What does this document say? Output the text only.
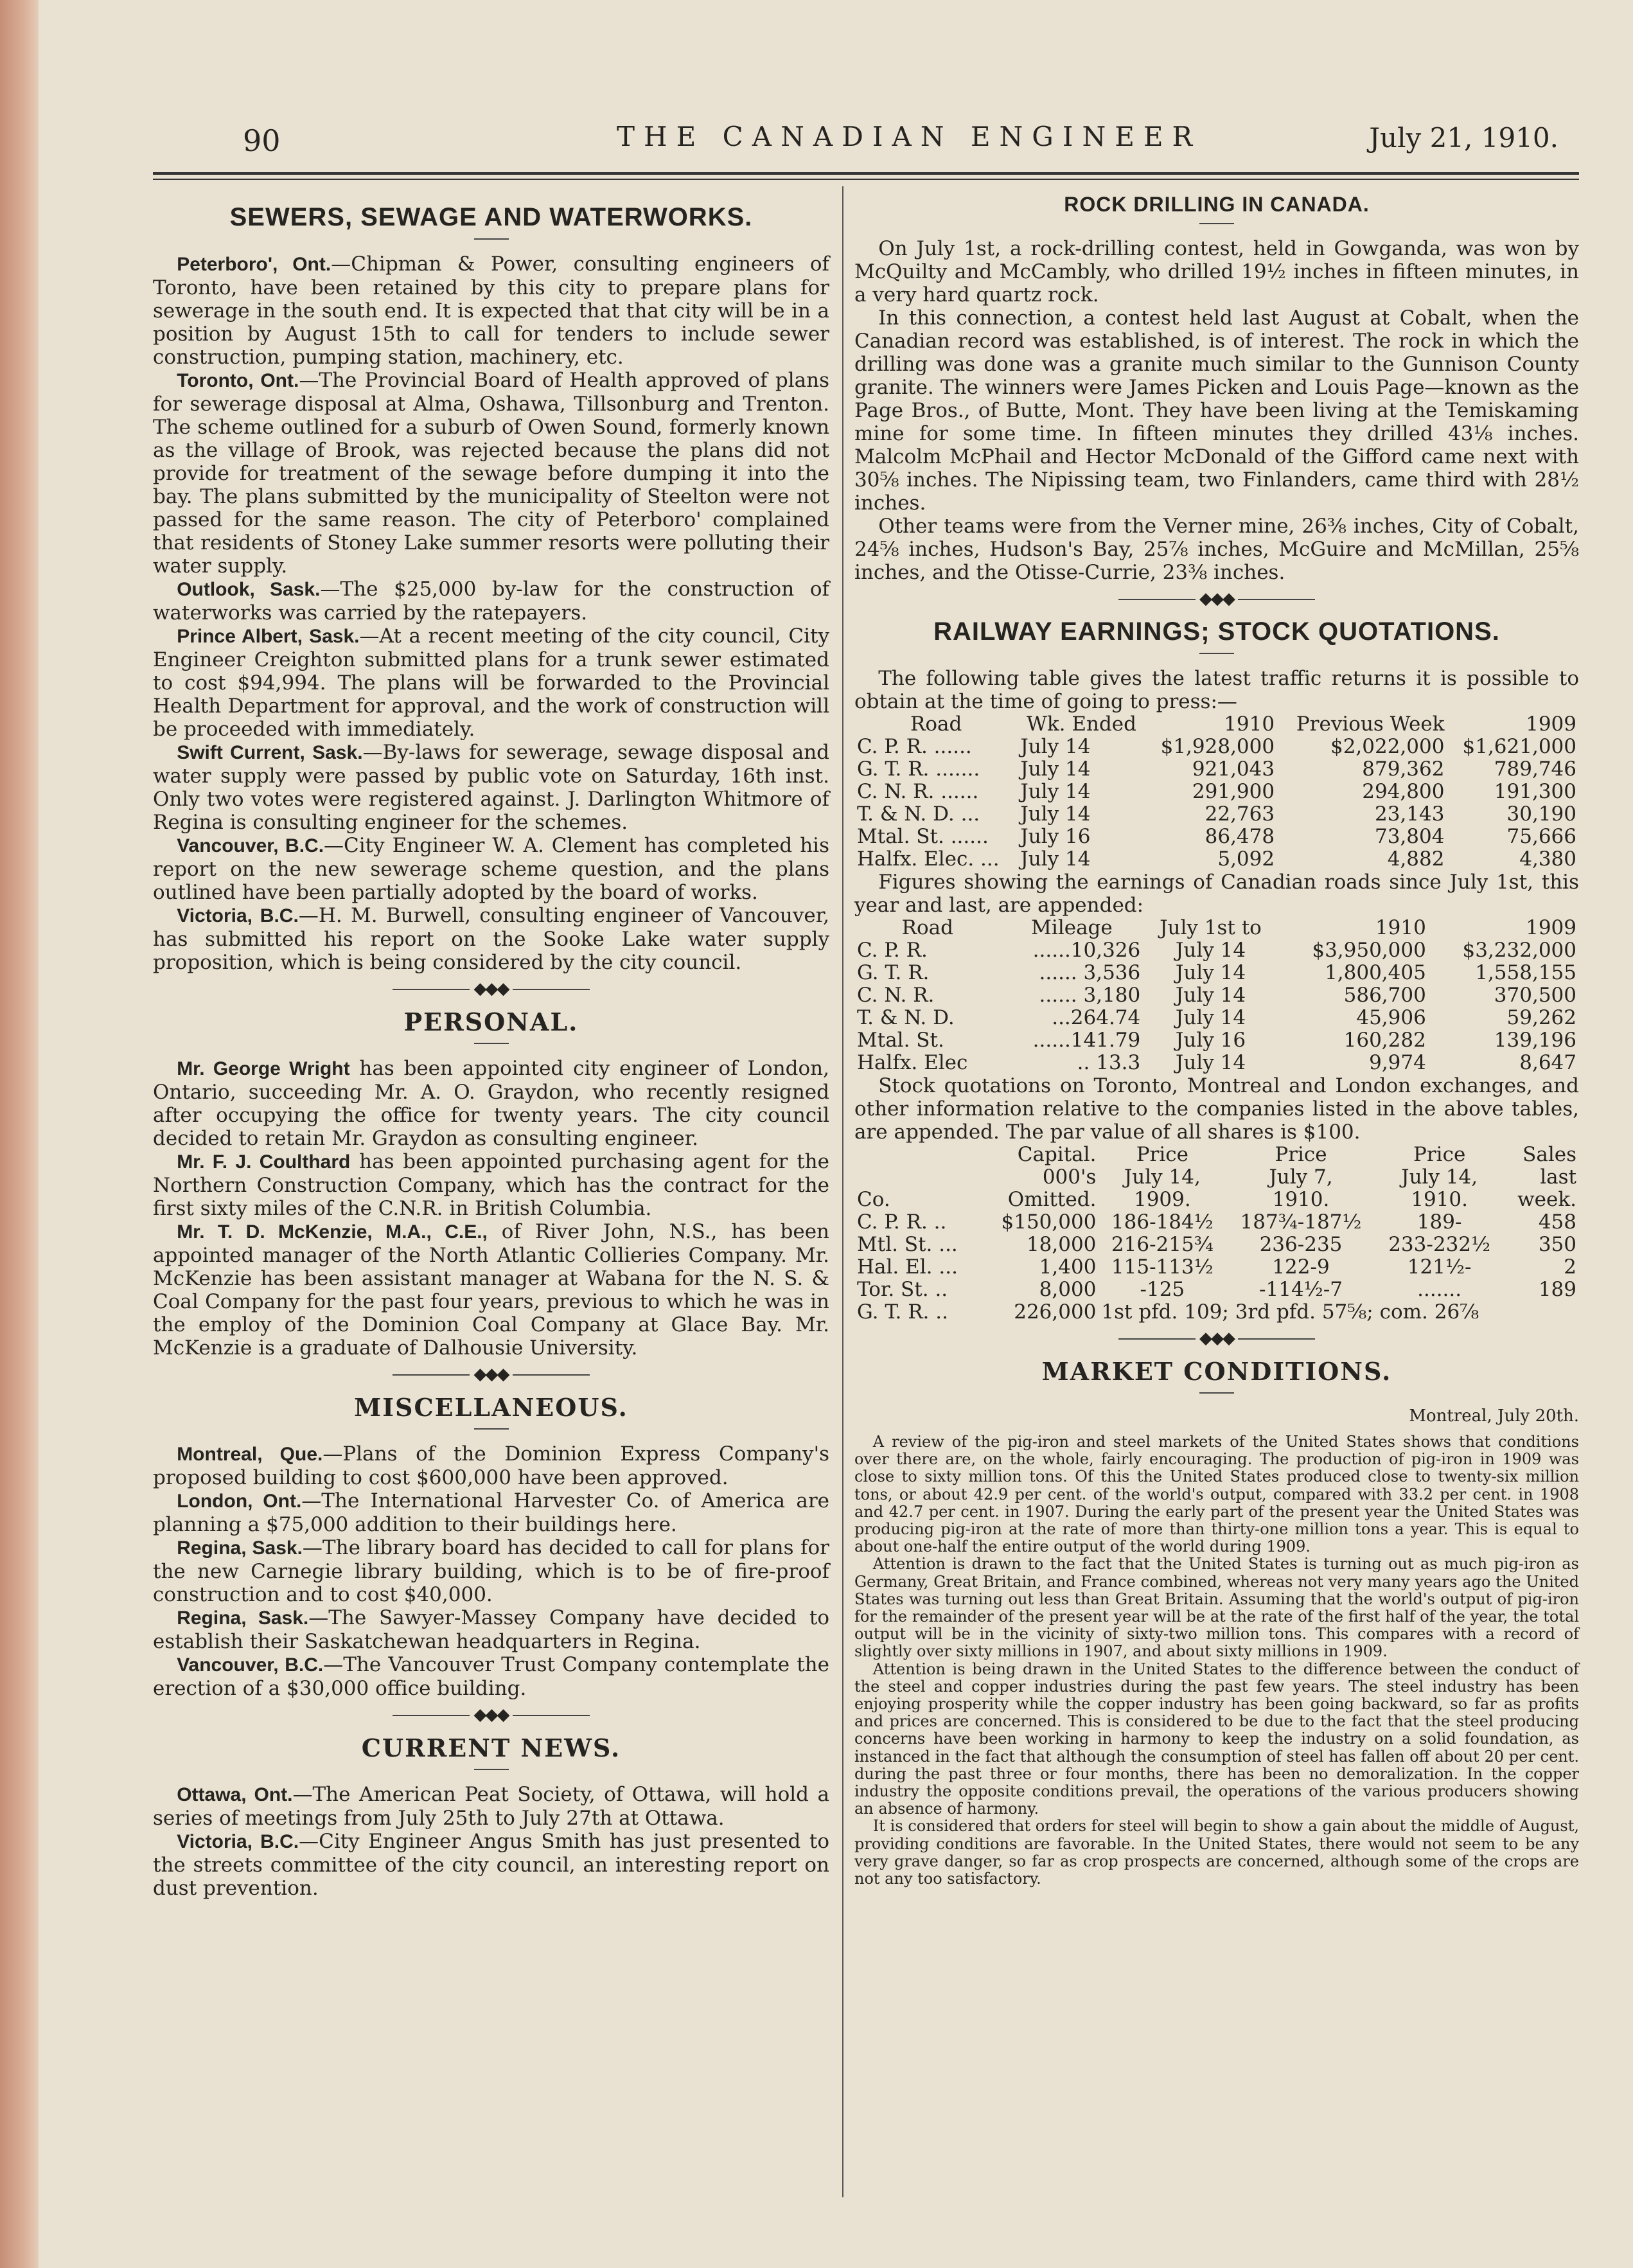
90	THE CANADIAN ENGINEER	July 21, 1910.
SEWERS, SEWAGE AND WATERWORKS.

Peterboro', Ont.—Chipman & Power, consulting engineers of Toronto, have been retained by this city to prepare plans for sewerage in the south end. It is expected that that city will be in a position by August 15th to call for tenders to include sewer construction, pumping station, machinery, etc.

Toronto, Ont.—The Provincial Board of Health approved of plans for sewerage disposal at Alma, Oshawa, Tillsonburg and Trenton. The scheme outlined for a suburb of Owen Sound, formerly known as the village of Brook, was rejected because the plans did not provide for treatment of the sewage before dumping it into the bay. The plans submitted by the municipality of Steelton were not passed for the same reason. The city of Peterboro' complained that residents of Stoney Lake summer resorts were polluting their water supply.

Outlook, Sask.—The $25,000 by-law for the construction of waterworks was carried by the ratepayers.

Prince Albert, Sask.—At a recent meeting of the city council, City Engineer Creighton submitted plans for a trunk sewer estimated to cost $94,994. The plans will be forwarded to the Provincial Health Department for approval, and the work of construction will be proceeded with immediately.

Swift Current, Sask.—By-laws for sewerage, sewage disposal and water supply were passed by public vote on Saturday, 16th inst. Only two votes were registered against. J. Darlington Whitmore of Regina is consulting engineer for the schemes.

Vancouver, B.C.—City Engineer W. A. Clement has completed his report on the new sewerage scheme question, and the plans outlined have been partially adopted by the board of works.

Victoria, B.C.—H. M. Burwell, consulting engineer of Vancouver, has submitted his report on the Sooke Lake water supply proposition, which is being considered by the city council.

◆◆◆
PERSONAL.

Mr. George Wright has been appointed city engineer of London, Ontario, succeeding Mr. A. O. Graydon, who recently resigned after occupying the office for twenty years. The city council decided to retain Mr. Graydon as consulting engineer.

Mr. F. J. Coulthard has been appointed purchasing agent for the Northern Construction Company, which has the contract for the first sixty miles of the C.N.R. in British Columbia.

Mr. T. D. McKenzie, M.A., C.E., of River John, N.S., has been appointed manager of the North Atlantic Collieries Company. Mr. McKenzie has been assistant manager at Wabana for the N. S. & Coal Company for the past four years, previous to which he was in the employ of the Dominion Coal Company at Glace Bay. Mr. McKenzie is a graduate of Dalhousie University.

◆◆◆
MISCELLANEOUS.

Montreal, Que.—Plans of the Dominion Express Company's proposed building to cost $600,000 have been approved.

London, Ont.—The International Harvester Co. of America are planning a $75,000 addition to their buildings here.

Regina, Sask.—The library board has decided to call for plans for the new Carnegie library building, which is to be of fire-proof construction and to cost $40,000.

Regina, Sask.—The Sawyer-Massey Company have decided to establish their Saskatchewan headquarters in Regina.

Vancouver, B.C.—The Vancouver Trust Company contemplate the erection of a $30,000 office building.

◆◆◆
CURRENT NEWS.

Ottawa, Ont.—The American Peat Society, of Ottawa, will hold a series of meetings from July 25th to July 27th at Ottawa.

Victoria, B.C.—City Engineer Angus Smith has just presented to the streets committee of the city council, an interesting report on dust prevention.

ROCK DRILLING IN CANADA.

On July 1st, a rock-drilling contest, held in Gowganda, was won by McQuilty and McCambly, who drilled 19½ inches in fifteen minutes, in a very hard quartz rock.

In this connection, a contest held last August at Cobalt, when the Canadian record was established, is of interest. The rock in which the drilling was done was a granite much similar to the Gunnison County granite. The winners were James Picken and Louis Page—known as the Page Bros., of Butte, Mont. They have been living at the Temiskaming mine for some time. In fifteen minutes they drilled 43⅛ inches. Malcolm McPhail and Hector McDonald of the Gifford came next with 30⅝ inches. The Nipissing team, two Finlanders, came third with 28½ inches.

Other teams were from the Verner mine, 26⅜ inches, City of Cobalt, 24⅝ inches, Hudson's Bay, 25⅞ inches, McGuire and McMillan, 25⅝ inches, and the Otisse-Currie, 23⅜ inches.

◆◆◆
RAILWAY EARNINGS; STOCK QUOTATIONS.

The following table gives the latest traffic returns it is possible to obtain at the time of going to press:—

Road	Wk. Ended	1910	Previous Week	1909
C. P. R. ......	July 14	$1,928,000	$2,022,000	$1,621,000
G. T. R. .......	July 14	921,043	879,362	789,746
C. N. R. ......	July 14	291,900	294,800	191,300
T. & N. D. ...	July 14	22,763	23,143	30,190
Mtal. St. ......	July 16	86,478	73,804	75,666
Halfx. Elec. ...	July 14	5,092	4,882	4,380

Figures showing the earnings of Canadian roads since July 1st, this year and last, are appended:

Road	Mileage	July 1st to	1910	1909
C. P. R.	......10,326	July 14	$3,950,000	$3,232,000
G. T. R.	...... 3,536	July 14	1,800,405	1,558,155
C. N. R.	...... 3,180	July 14	586,700	370,500
T. & N. D.	...264.74	July 14	45,906	59,262
Mtal. St.	......141.79	July 16	160,282	139,196
Halfx. Elec	.. 13.3	July 14	9,974	8,647

Stock quotations on Toronto, Montreal and London exchanges, and other information relative to the companies listed in the above tables, are appended. The par value of all shares is $100.

	Capital.	Price	Price	Price	Sales
	000's	July 14,	July 7,	July 14,	last
Co.	Omitted.	1909.	1910.	1910.	week.
C. P. R. ..	$150,000	186-184½	187¾-187½	189-	458
Mtl. St. ...	18,000	216-215¾	236-235	233-232½	350
Hal. El. ...	1,400	115-113½	122-9	121½-	2
Tor. St. ..	8,000	-125	-114½-7	.......	189
G. T. R. ..	226,000	1st pfd. 109; 3rd pfd. 57⅝; com. 26⅞			
◆◆◆
MARKET CONDITIONS.
Montreal, July 20th.

A review of the pig-iron and steel markets of the United States shows that conditions over there are, on the whole, fairly encouraging. The production of pig-iron in 1909 was close to sixty million tons. Of this the United States produced close to twenty-six million tons, or about 42.9 per cent. of the world's output, compared with 33.2 per cent. in 1908 and 42.7 per cent. in 1907. During the early part of the present year the United States was producing pig-iron at the rate of more than thirty-one million tons a year. This is equal to about one-half the entire output of the world during 1909.

Attention is drawn to the fact that the United States is turning out as much pig-iron as Germany, Great Britain, and France combined, whereas not very many years ago the United States was turning out less than Great Britain. Assuming that the world's output of pig-iron for the remainder of the present year will be at the rate of the first half of the year, the total output will be in the vicinity of sixty-two million tons. This compares with a record of slightly over sixty millions in 1907, and about sixty millions in 1909.

Attention is being drawn in the United States to the difference between the conduct of the steel and copper industries during the past few years. The steel industry has been enjoying prosperity while the copper industry has been going backward, so far as profits and prices are concerned. This is considered to be due to the fact that the steel producing concerns have been working in harmony to keep the industry on a solid foundation, as instanced in the fact that although the consumption of steel has fallen off about 20 per cent. during the past three or four months, there has been no demoralization. In the copper industry the opposite conditions prevail, the operations of the various producers showing an absence of harmony.

It is considered that orders for steel will begin to show a gain about the middle of August, providing conditions are favorable. In the United States, there would not seem to be any very grave danger, so far as crop prospects are concerned, although some of the crops are not any too satisfactory.
